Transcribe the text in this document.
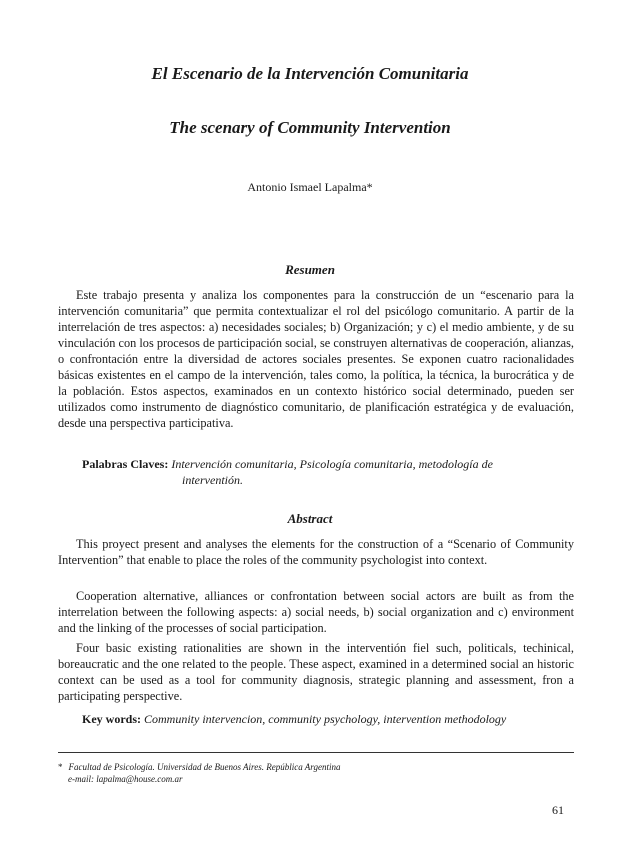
El Escenario de la Intervención Comunitaria
The scenary of Community Intervention
Antonio Ismael Lapalma*
Resumen

Este trabajo presenta y analiza los componentes para la construcción de un “escenario para la intervención comunitaria” que permita contextualizar el rol del psicólogo comunitario. A partir de la interrelación de tres aspectos: a) necesidades sociales; b) Organización; y c) el medio ambiente, y de su vinculación con los procesos de participación social, se construyen alternativas de cooperación, alianzas, o confrontación entre la diversidad de actores sociales presentes. Se exponen cuatro racionalidades básicas existentes en el campo de la intervención, tales como, la política, la técnica, la burocrática y de la población. Estos aspectos, examinados en un contexto histórico social determinado, pueden ser utilizados como instrumento de diagnóstico comunitario, de planificación estratégica y de evaluación, desde una perspectiva participativa.

Palabras Claves: Intervención comunitaria, Psicología comunitaria, metodología de
interventión.

Abstract

This proyect present and analyses the elements for the construction of a “Scenario of Community Intervention” that enable to place the roles of the community psychologist into context.

Cooperation alternative, alliances or confrontation between social actors are built as from the interrelation between the following aspects: a) social needs, b) social organization and c) environment and the linking of the processes of social participation.

Four basic existing rationalities are shown in the interventión fiel such, politicals, techinical, boreaucratic and the one related to the people. These aspect, examined in a determined social an historic context can be used as a tool for community diagnosis, strategic planning and assessment, fron a participating perspective.

Key words: Community intervencion, community psychology, intervention methodology

* Facultad de Psicología. Universidad de Buenos Aires. República Argentina
e-mail: lapalma@house.com.ar

61
